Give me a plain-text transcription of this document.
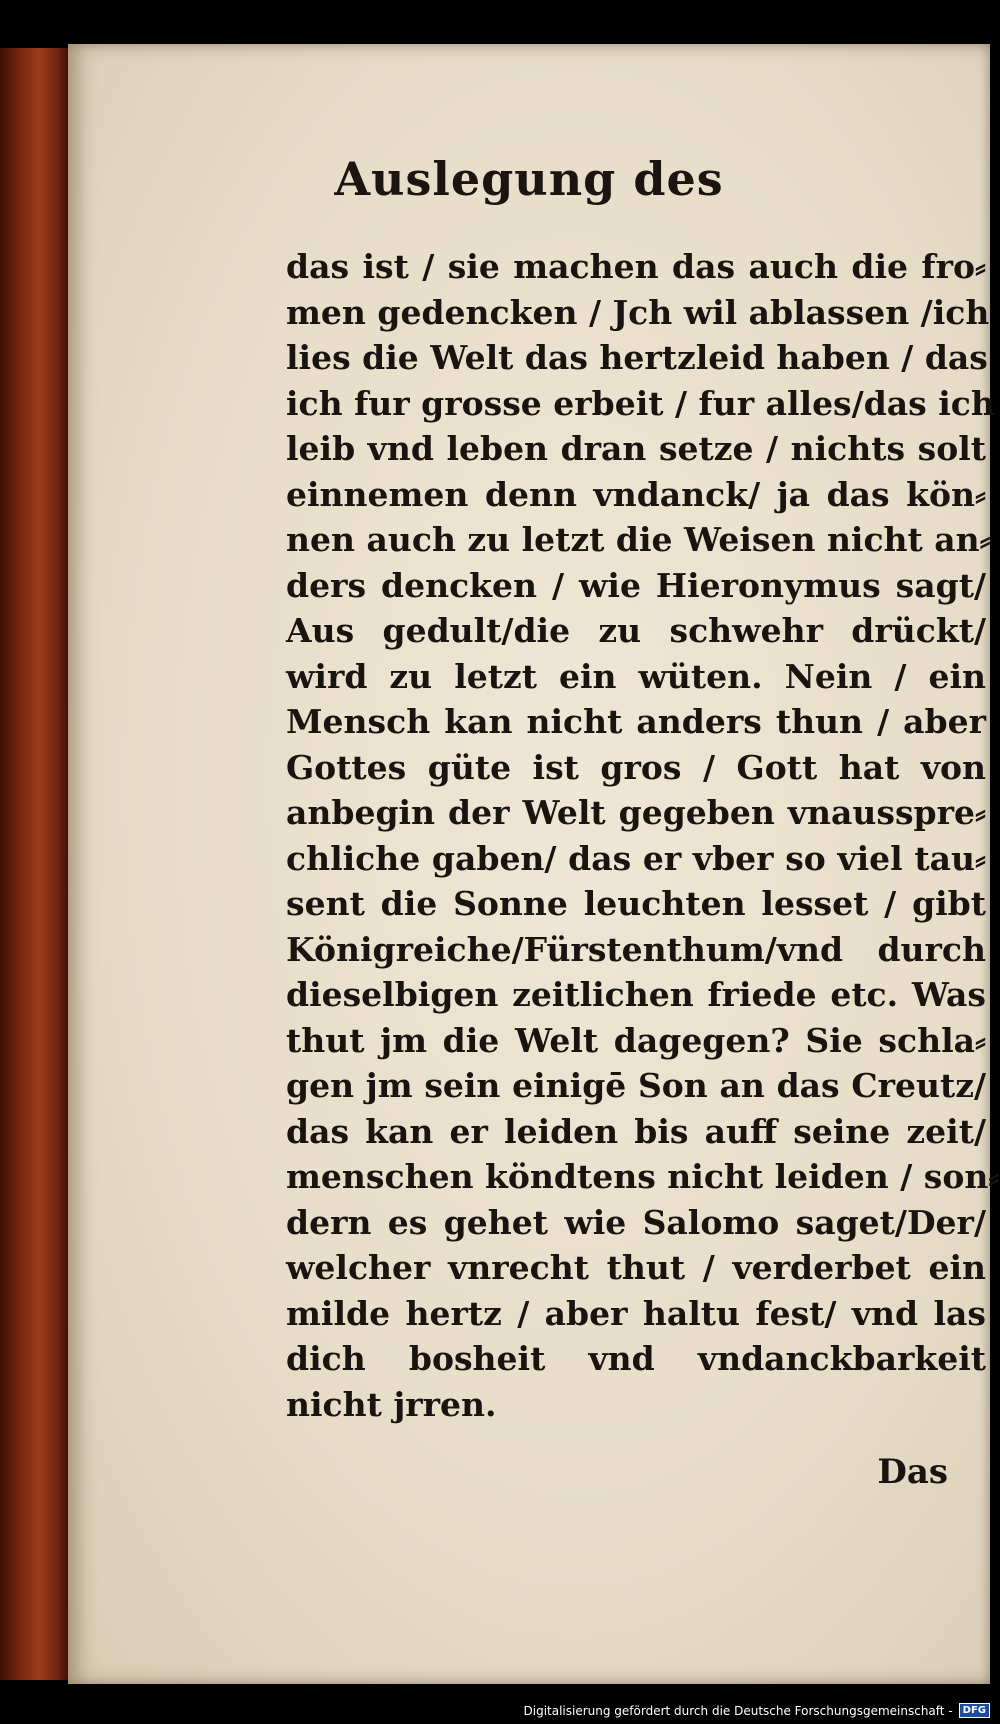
Auslegung des
das ist / sie machen das auch die fro⸗
men gedencken / Jch wil ablassen /ich
lies die Welt das hertzleid haben / das
ich fur grosse erbeit / fur alles/das ich
leib vnd leben dran setze / nichts solt
einnemen denn vndanck/ ja das kön⸗
nen auch zu letzt die Weisen nicht an⸗
ders dencken / wie Hieronymus sagt/
Aus gedult/die zu schwehr drückt/
wird zu letzt ein wüten. Nein / ein
Mensch kan nicht anders thun / aber
Gottes güte ist gros / Gott hat von
anbegin der Welt gegeben vnausspre⸗
chliche gaben/ das er vber so viel tau⸗
sent die Sonne leuchten lesset / gibt
Königreiche/Fürstenthum/vnd durch
dieselbigen zeitlichen friede etc. Was
thut jm die Welt dagegen? Sie schla⸗
gen jm sein einigē Son an das Creutz/
das kan er leiden bis auff seine zeit/
menschen köndtens nicht leiden / son⸗
dern es gehet wie Salomo saget/Der/
welcher vnrecht thut / verderbet ein
milde hertz / aber haltu fest/ vnd las
dich bosheit vnd vndanckbarkeit
nicht jrren.
Das
Digitalisierung gefördert durch die Deutsche Forschungsgemeinschaft -	DFG
